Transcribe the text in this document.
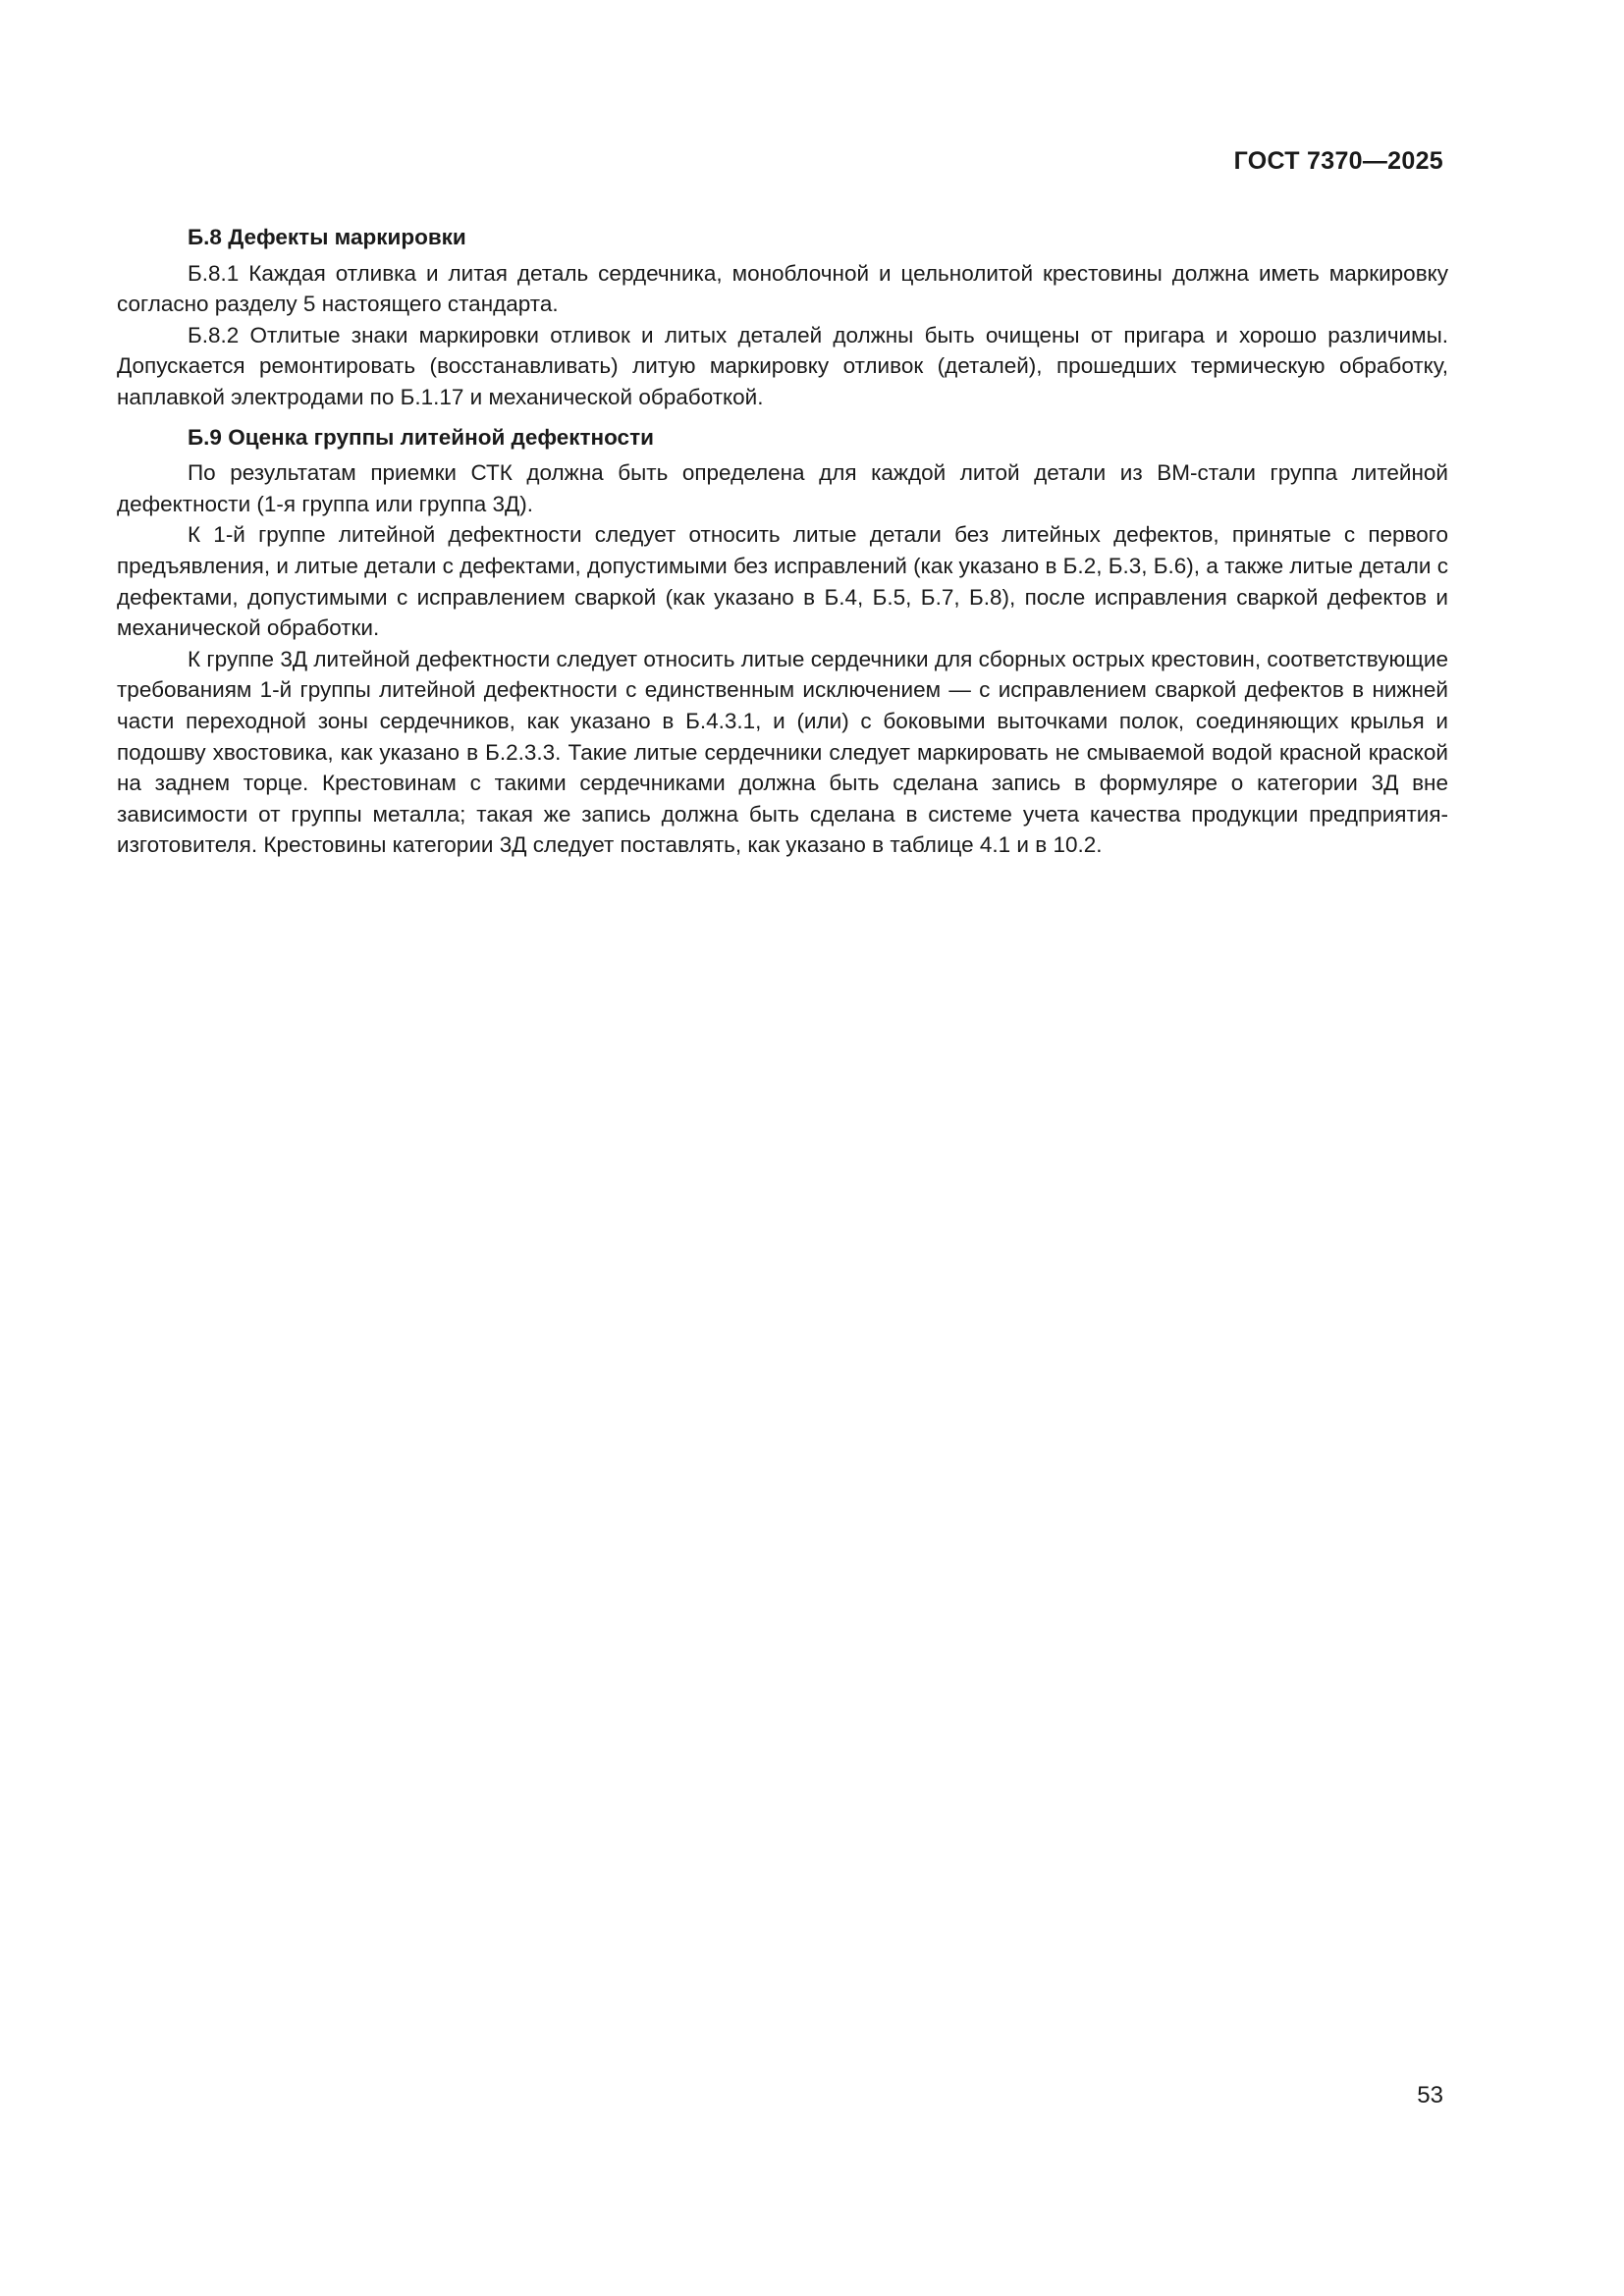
ГОСТ 7370—2025

Б.8 Дефекты маркировки

Б.8.1 Каждая отливка и литая деталь сердечника, моноблочной и цельнолитой крестовины должна иметь маркировку согласно разделу 5 настоящего стандарта.

Б.8.2 Отлитые знаки маркировки отливок и литых деталей должны быть очищены от пригара и хорошо различимы. Допускается ремонтировать (восстанавливать) литую маркировку отливок (деталей), прошедших термическую обработку, наплавкой электродами по Б.1.17 и механической обработкой.

Б.9 Оценка группы литейной дефектности

По результатам приемки СТК должна быть определена для каждой литой детали из ВМ-стали группа литейной дефектности (1-я группа или группа 3Д).

К 1-й группе литейной дефектности следует относить литые детали без литейных дефектов, принятые с первого предъявления, и литые детали с дефектами, допустимыми без исправлений (как указано в Б.2, Б.3, Б.6), а также литые детали с дефектами, допустимыми с исправлением сваркой (как указано в Б.4, Б.5, Б.7, Б.8), после исправления сваркой дефектов и механической обработки.

К группе 3Д литейной дефектности следует относить литые сердечники для сборных острых крестовин, соответствующие требованиям 1-й группы литейной дефектности с единственным исключением — с исправлением сваркой дефектов в нижней части переходной зоны сердечников, как указано в Б.4.3.1, и (или) с боковыми выточками полок, соединяющих крылья и подошву хвостовика, как указано в Б.2.3.3. Такие литые сердечники следует маркировать не смываемой водой красной краской на заднем торце. Крестовинам с такими сердечниками должна быть сделана запись в формуляре о категории 3Д вне зависимости от группы металла; такая же запись должна быть сделана в системе учета качества продукции предприятия-изготовителя. Крестовины категории 3Д следует поставлять, как указано в таблице 4.1 и в 10.2.

53
